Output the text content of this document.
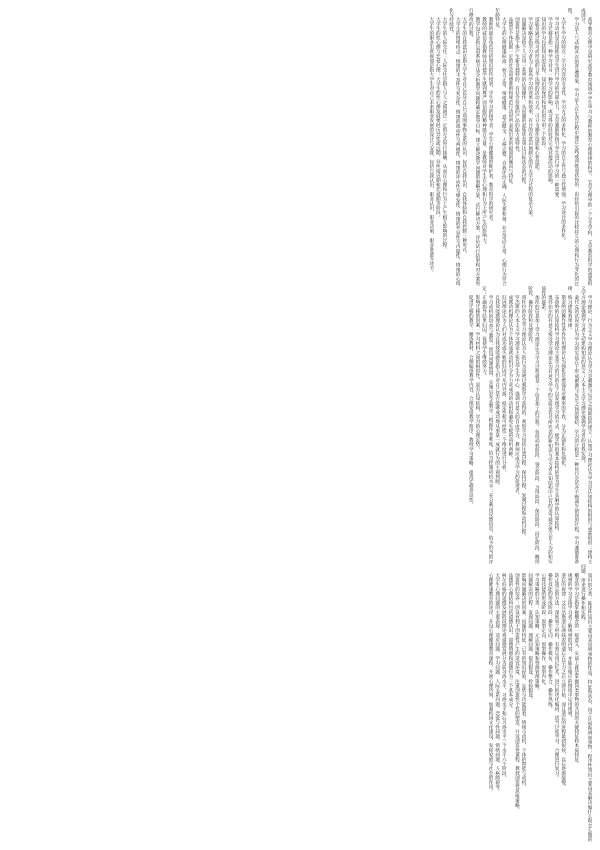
高等教育心理学是研究高等教育领域中学生学习与教师的教育心理规律的科学，它是心理学的一个分支学科，又是教育科学的重要组成部分。

学习是人与动物共有的普遍现象，学习是人在生活过程中通过实践或训练而获得的、由经验引起的比较持久的心理和行为变化的过程。

大学生学习的特点：学习内容的专业性，学习方式的多样化，学习的自主性与独立性增强，学习途径的多样化。

学习动机是直接推动学生进行学习的内部动力，它是激励和指引学生进行学习的一种需要。

学习迁移是指一种学习对另一种学习的影响，或习得的经验对完成其他活动的影响。

知识的学习包括知识的获得、知识的保持和知识的应用三个阶段。

技能是通过练习而形成的合乎法则的活动方式，可分为操作技能和心智技能。

学习策略是指学习者为了提高学习的效果和效率，有目的有意识地制定的有关学习过程的复杂方案。

问题解决是指个人应用一系列的认知操作，从问题的起始状态到达目标状态的过程。

创造性是指个体产生新奇独特的、有社会价值的产品的能力或特性。

品德是个体依据一定的社会道德准则和规范行动时所表现出来的稳固的倾向与特征。

大学生的心理健康标准：智力正常，情绪健康，意志健全，人格完整，自我评价正确，人际关系和谐，社会适应正常，心理行为符合年龄特征。

教师的职业角色包括知识的传授者、学生学习的指导者、学生心理健康的维护者、教育科学的研究者。

教师的威信是指教师具有使学生感到尊严而信服的精神感召力量，是教师对学生在心理和行为上所产生的影响力。

教学设计是指运用系统方法分析教学问题和确定教学目标，建立解决教学问题的策略方案、试行解决方案、评价试行结果和对方案进行修改的过程。

大学生的自我意识是指大学生对自己以及自己与周围事物关系的认识，包括自我认识、自我体验和自我控制三种形式。

大学生的情绪特点：情绪的丰富性与复杂性，情绪的波动性与两极性，情绪的冲动性与爆发性，情绪的外显性与内隐性，情绪的心境化与持续性。

大学生的人际交往：人际交往是指人与人之间通过一定的方式进行接触，从而在心理和行为上产生相互影响的过程。

大学生的性心理与恋爱心理：大学生的性心理发展要经历异性疏远期、异性接近期和恋爱期等阶段。

大学生的职业生涯规划是指大学生对自己未来职业发展的设计与安排，包括自我认识、职业认识、职业决策、职业准备等环节。

学习理论：行为主义学习理论认为学习是刺激与反应之间联结的建立；认知学习理论认为学习是认知结构的组织与重新组织；建构主义学习理论强调学习者主动建构知识的意义；人本主义学习理论强调学习者的自我实现。

桑代克的试误说认为学习的实质在于形成刺激与反应之间的联结，学习的过程是一种盲目尝试并不断减少错误的过程，学习遵循准备律、练习律和效果律。

斯金纳的操作性条件作用理论认为强化是增强反应概率的手段，分为正强化和负强化。

布鲁纳的认知结构学习理论主张学习的目的在于以发现学习的方式，使学科的基本结构转变为学生头脑中的认知结构。

奥苏伯尔的有意义接受学习理论认为有意义学习的实质是符号所代表的新知识与学习者认知结构中已有的适当观念建立非人为的和实质性的联系。

加涅的信息加工学习理论认为学习过程就是一个信息加工的过程，包括动机阶段、领会阶段、习得阶段、保持阶段、回忆阶段、概括阶段、操作阶段和反馈阶段。

班杜拉的社会学习理论认为人的行为是通过观察学习获得的，观察学习包括注意过程、保持过程、复制过程和动机过程。

罗杰斯的人本主义学习理论主张以学生为中心，强调有意义的自由学习，教师应成为学习的促进者。

成就动机理论认为个体的成就动机可分为力求成功的动机和避免失败的动机两种。

归因理论认为人们对成功或失败的归因可从内外源、稳定性和可控性三个维度进行分析。

自我效能感理论认为自我效能感是指人们对自己是否能够成功地从事某一成就行为的主观判断。

学习动机的培养与激发：创设问题情境，实施启发式教学；根据作业难度，恰当控制动机水平；充分利用反馈信息，给予恰当的评定；正确指导结果归因，促使学生继续努力。

影响迁移的因素：学习材料之间的相似性，原有认知结构，学习的心理定势。

促进迁移的教学：精选教材，合理编排教学内容，合理安排教学程序，教授学习策略，提高迁移意识性。

知识的分类：陈述性知识主要用来说明事物的性质、特征和状态，用于区别和辨别事物；程序性知识主要用来解决做什么和怎么做的问题，用来进行操作和实践。

概念的学习是指掌握概念的一般意义，实质上就是掌握同类事物的共同的关键特征和本质特征。

规则的学习是指学习者了解规则的内容，并能在相应的情境中运用规则。

遗忘的规律：艾宾浩斯遗忘曲线表明遗忘在学习之后立即开始，而且遗忘的进程最初很快，以后逐渐缓慢。

防止遗忘的方法：深度加工材料，有效运用记忆术，进行组块化编码，适当过度学习，合理进行复习。

操作技能的形成阶段：操作定向、操作模仿、操作整合、操作熟练。

心智技能的形成阶段：原型定向、原型操作、原型内化。

学习策略的分类：认知策略、元认知策略和资源管理策略。

问题解决的过程：发现问题、理解问题、提出假设、检验假设。

影响问题解决的因素：问题的特征，已有的知识经验，定势与功能固着，情绪与动机，个体的智能与动机。

创造性的培养：创设有利于创造性产生的适宜环境，注重创造性个性的塑造，开设创造性课程，教授创造性思维策略。

品德的心理结构包括道德认识、道德情感和道德行为三个基本成分。

柯尔伯格的道德发展阶段理论将道德发展分为前习俗水平、习俗水平和后习俗水平三个水平六个阶段。

大学生心理问题的主要表现：适应问题、学习问题、人际关系问题、恋爱与性问题、情绪问题、人格障碍等。

心理健康教育的途径：开设心理健康教育课程，开展心理咨询，加强校园文化建设，发挥家庭与社会的作用。
